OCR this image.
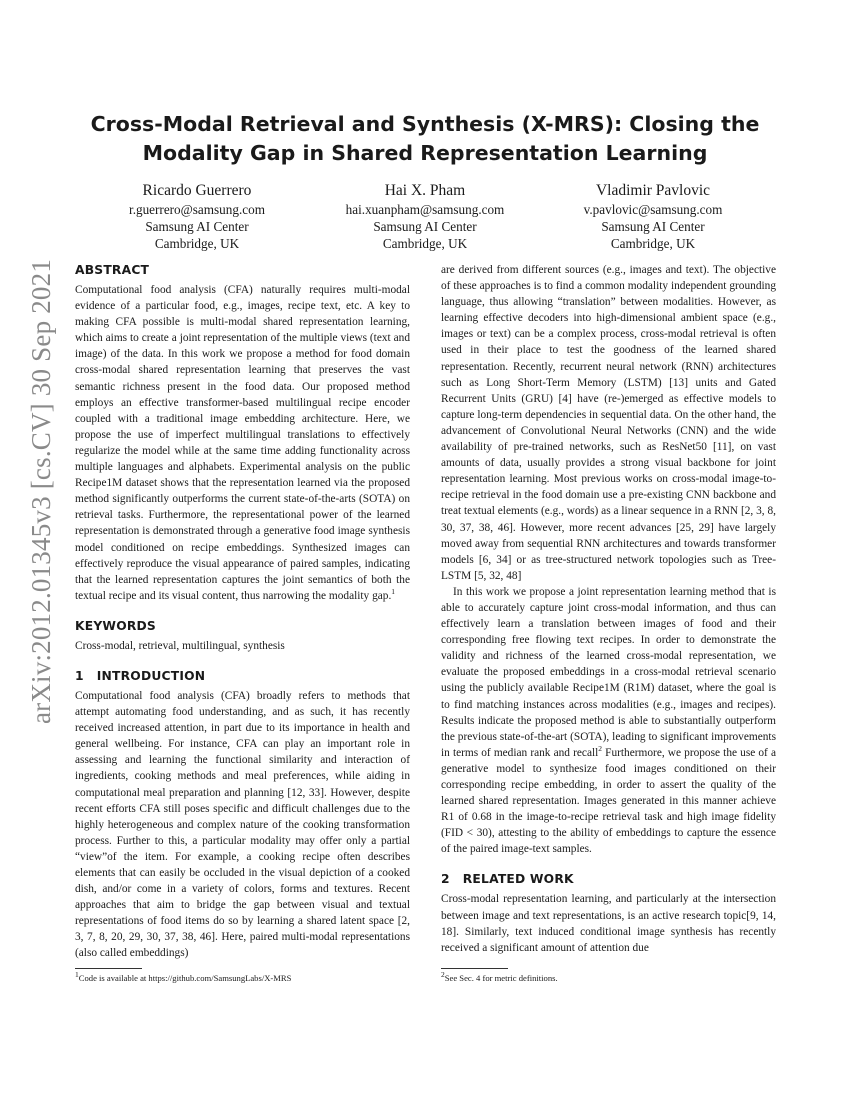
arXiv:2012.01345v3 [cs.CV] 30 Sep 2021
Cross-Modal Retrieval and Synthesis (X-MRS): Closing the Modality Gap in Shared Representation Learning
Ricardo Guerrero
r.guerrero@samsung.com
Samsung AI Center
Cambridge, UK
Hai X. Pham
hai.xuanpham@samsung.com
Samsung AI Center
Cambridge, UK
Vladimir Pavlovic
v.pavlovic@samsung.com
Samsung AI Center
Cambridge, UK
ABSTRACT

Computational food analysis (CFA) naturally requires multi-modal evidence of a particular food, e.g., images, recipe text, etc. A key to making CFA possible is multi-modal shared representation learning, which aims to create a joint representation of the multiple views (text and image) of the data. In this work we propose a method for food domain cross-modal shared representation learning that preserves the vast semantic richness present in the food data. Our proposed method employs an effective transformer-based multilingual recipe encoder coupled with a traditional image embedding architecture. Here, we propose the use of imperfect multilingual translations to effectively regularize the model while at the same time adding functionality across multiple languages and alphabets. Experimental analysis on the public Recipe1M dataset shows that the representation learned via the proposed method significantly outperforms the current state-of-the-arts (SOTA) on retrieval tasks. Furthermore, the representational power of the learned representation is demonstrated through a generative food image synthesis model conditioned on recipe embeddings. Synthesized images can effectively reproduce the visual appearance of paired samples, indicating that the learned representation captures the joint semantics of both the textual recipe and its visual content, thus narrowing the modality gap.$^1$

KEYWORDS

Cross-modal, retrieval, multilingual, synthesis

1 INTRODUCTION

Computational food analysis (CFA) broadly refers to methods that attempt automating food understanding, and as such, it has recently received increased attention, in part due to its importance in health and general wellbeing. For instance, CFA can play an important role in assessing and learning the functional similarity and interaction of ingredients, cooking methods and meal preferences, while aiding in computational meal preparation and planning [12, 33]. However, despite recent efforts CFA still poses specific and difficult challenges due to the highly heterogeneous and complex nature of the cooking transformation process. Further to this, a particular modality may offer only a partial “view”of the item. For example, a cooking recipe often describes elements that can easily be occluded in the visual depiction of a cooked dish, and/or come in a variety of colors, forms and textures. Recent approaches that aim to bridge the gap between visual and textual representations of food items do so by learning a shared latent space [2, 3, 7, 8, 20, 29, 30, 37, 38, 46]. Here, paired multi-modal representations (also called embeddings)

are derived from different sources (e.g., images and text). The objective of these approaches is to find a common modality independent grounding language, thus allowing “translation” between modalities. However, as learning effective decoders into high-dimensional ambient space (e.g., images or text) can be a complex process, cross-modal retrieval is often used in their place to test the goodness of the learned shared representation. Recently, recurrent neural network (RNN) architectures such as Long Short-Term Memory (LSTM) [13] units and Gated Recurrent Units (GRU) [4] have (re-)emerged as effective models to capture long-term dependencies in sequential data. On the other hand, the advancement of Convolutional Neural Networks (CNN) and the wide availability of pre-trained networks, such as ResNet50 [11], on vast amounts of data, usually provides a strong visual backbone for joint representation learning. Most previous works on cross-modal image-to-recipe retrieval in the food domain use a pre-existing CNN backbone and treat textual elements (e.g., words) as a linear sequence in a RNN [2, 3, 8, 30, 37, 38, 46]. However, more recent advances [25, 29] have largely moved away from sequential RNN architectures and towards transformer models [6, 34] or as tree-structured network topologies such as Tree-LSTM [5, 32, 48]

In this work we propose a joint representation learning method that is able to accurately capture joint cross-modal information, and thus can effectively learn a translation between images of food and their corresponding free flowing text recipes. In order to demonstrate the validity and richness of the learned cross-modal representation, we evaluate the proposed embeddings in a cross-modal retrieval scenario using the publicly available Recipe1M (R1M) dataset, where the goal is to find matching instances across modalities (e.g., images and recipes). Results indicate the proposed method is able to substantially outperform the previous state-of-the-art (SOTA), leading to significant improvements in terms of median rank and recall$^2$ Furthermore, we propose the use of a generative model to synthesize food images conditioned on their corresponding recipe embedding, in order to assert the quality of the learned shared representation. Images generated in this manner achieve R1 of 0.68 in the image-to-recipe retrieval task and high image fidelity (FID < 30), attesting to the ability of embeddings to capture the essence of the paired image-text samples.

2 RELATED WORK

Cross-modal representation learning, and particularly at the intersection between image and text representations, is an active research topic[9, 14, 18]. Similarly, text induced conditional image synthesis has recently received a significant amount of attention due

1Code is available at https://github.com/SamsungLabs/X-MRS	2See Sec. 4 for metric definitions.
